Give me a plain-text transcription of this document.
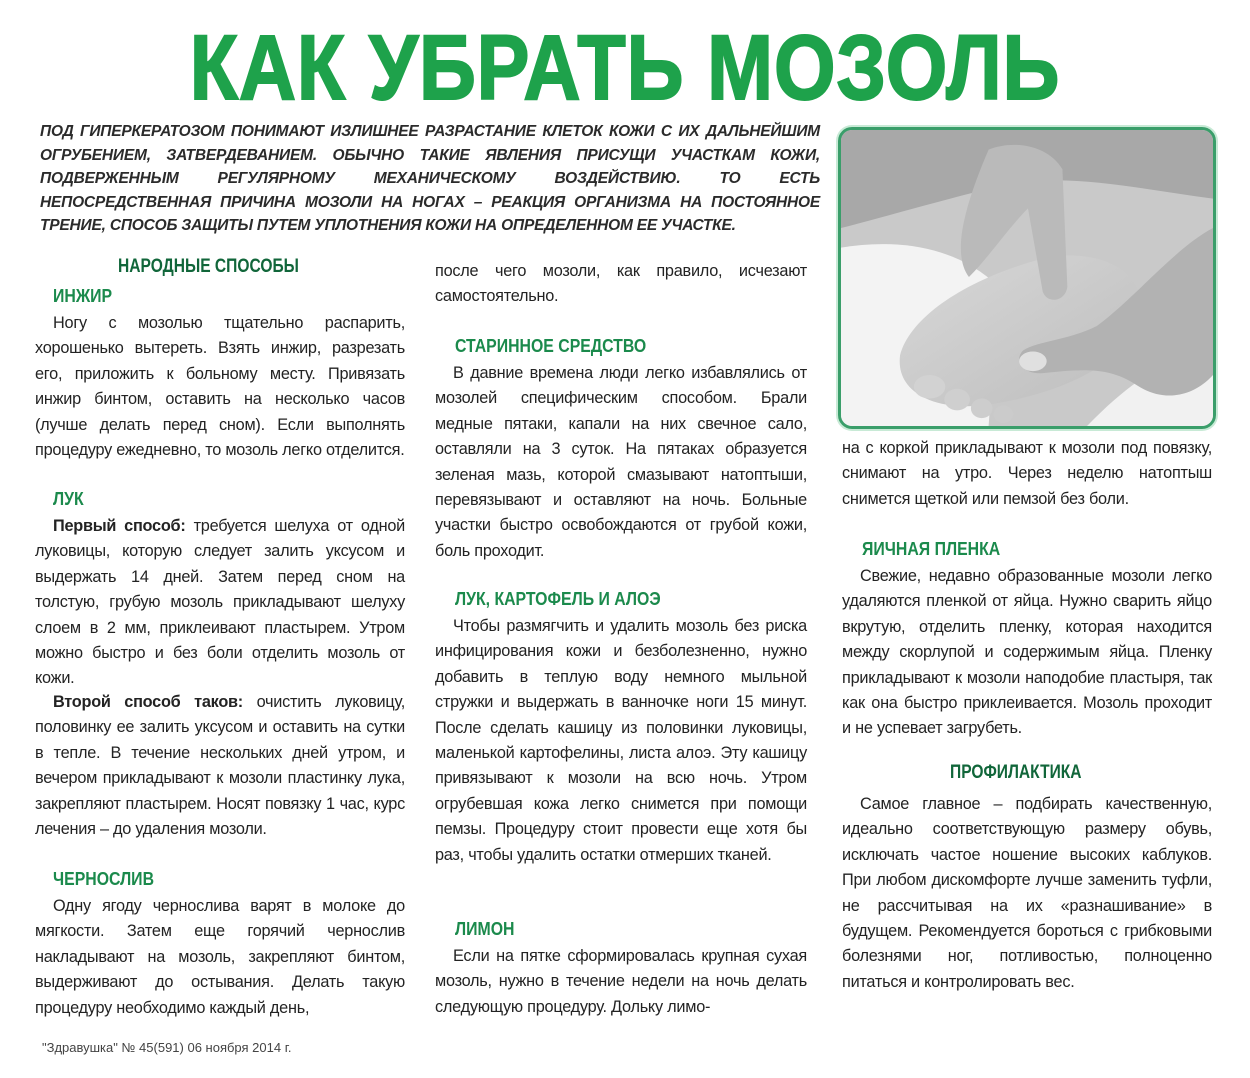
КАК УБРАТЬ МОЗОЛЬ

ПОД ГИПЕРКЕРАТОЗОМ ПОНИМАЮТ ИЗЛИШНЕЕ РАЗРАСТАНИЕ КЛЕТОК КОЖИ С ИХ ДАЛЬНЕЙШИМ ОГРУБЕНИЕМ, ЗАТВЕРДЕВАНИЕМ. ОБЫЧНО ТАКИЕ ЯВЛЕНИЯ ПРИСУЩИ УЧАСТКАМ КОЖИ, ПОДВЕРЖЕННЫМ РЕГУЛЯРНОМУ МЕХАНИЧЕСКОМУ ВОЗДЕЙСТВИЮ. ТО ЕСТЬ НЕПОСРЕДСТВЕННАЯ ПРИЧИНА МОЗОЛИ НА НОГАХ – РЕАКЦИЯ ОРГАНИЗМА НА ПОСТОЯННОЕ ТРЕНИЕ, СПОСОБ ЗАЩИТЫ ПУТЕМ УПЛОТНЕНИЯ КОЖИ НА ОПРЕДЕЛЕННОМ ЕЕ УЧАСТКЕ.

НАРОДНЫЕ СПОСОБЫ
ИНЖИР

Ногу с мозолью тщательно распарить, хорошенько вытереть. Взять инжир, разрезать его, приложить к больному месту. Привязать инжир бинтом, оставить на несколько часов (лучше делать перед сном). Если выполнять процедуру ежедневно, то мозоль легко отделится.

ЛУК

Первый способ: требуется шелуха от одной луковицы, которую следует залить уксусом и выдержать 14 дней. Затем перед сном на толстую, грубую мозоль прикладывают шелуху слоем в 2 мм, приклеивают пластырем. Утром можно быстро и без боли отделить мозоль от кожи.

Второй способ таков: очистить луковицу, половинку ее залить уксусом и оставить на сутки в тепле. В течение нескольких дней утром, и вечером прикладывают к мозоли пластинку лука, закрепляют пластырем. Носят повязку 1 час, курс лечения – до удаления мозоли.

ЧЕРНОСЛИВ

Одну ягоду чернослива варят в молоке до мягкости. Затем еще горячий чернослив накладывают на мозоль, закрепляют бинтом, выдерживают до остывания. Делать такую процедуру необходимо каждый день,

после чего мозоли, как правило, исчезают самостоятельно.

СТАРИННОЕ СРЕДСТВО

В давние времена люди легко избавлялись от мозолей специфическим способом. Брали медные пятаки, капали на них свечное сало, оставляли на 3 суток. На пятаках образуется зеленая мазь, которой смазывают натоптыши, перевязывают и оставляют на ночь. Больные участки быстро освобождаются от грубой кожи, боль проходит.

ЛУК, КАРТОФЕЛЬ И АЛОЭ

Чтобы размягчить и удалить мозоль без риска инфицирования кожи и безболезненно, нужно добавить в теплую воду немного мыльной стружки и выдержать в ванночке ноги 15 минут. После сделать кашицу из половинки луковицы, маленькой картофелины, листа алоэ. Эту кашицу привязывают к мозоли на всю ночь. Утром огрубевшая кожа легко снимется при помощи пемзы. Процедуру стоит провести еще хотя бы раз, чтобы удалить остатки отмерших тканей.

ЛИМОН

Если на пятке сформировалась крупная сухая мозоль, нужно в течение недели на ночь делать следующую процедуру. Дольку лимо-

на с коркой прикладывают к мозоли под повязку, снимают на утро. Через неделю натоптыш снимется щеткой или пемзой без боли.

ЯИЧНАЯ ПЛЕНКА

Свежие, недавно образованные мозоли легко удаляются пленкой от яйца. Нужно сварить яйцо вкрутую, отделить пленку, которая находится между скорлупой и содержимым яйца. Пленку прикладывают к мозоли наподобие пластыря, так как она быстро приклеивается. Мозоль проходит и не успевает загрубеть.

ПРОФИЛАКТИКА

Самое главное – подбирать качественную, идеально соответствующую размеру обувь, исключать частое ношение высоких каблуков. При любом дискомфорте лучше заменить туфли, не рассчитывая на их «разнашивание» в будущем. Рекомендуется бороться с грибковыми болезнями ног, потливостью, полноценно питаться и контролировать вес.

"Здравушка" № 45(591) 06 ноября 2014 г.
